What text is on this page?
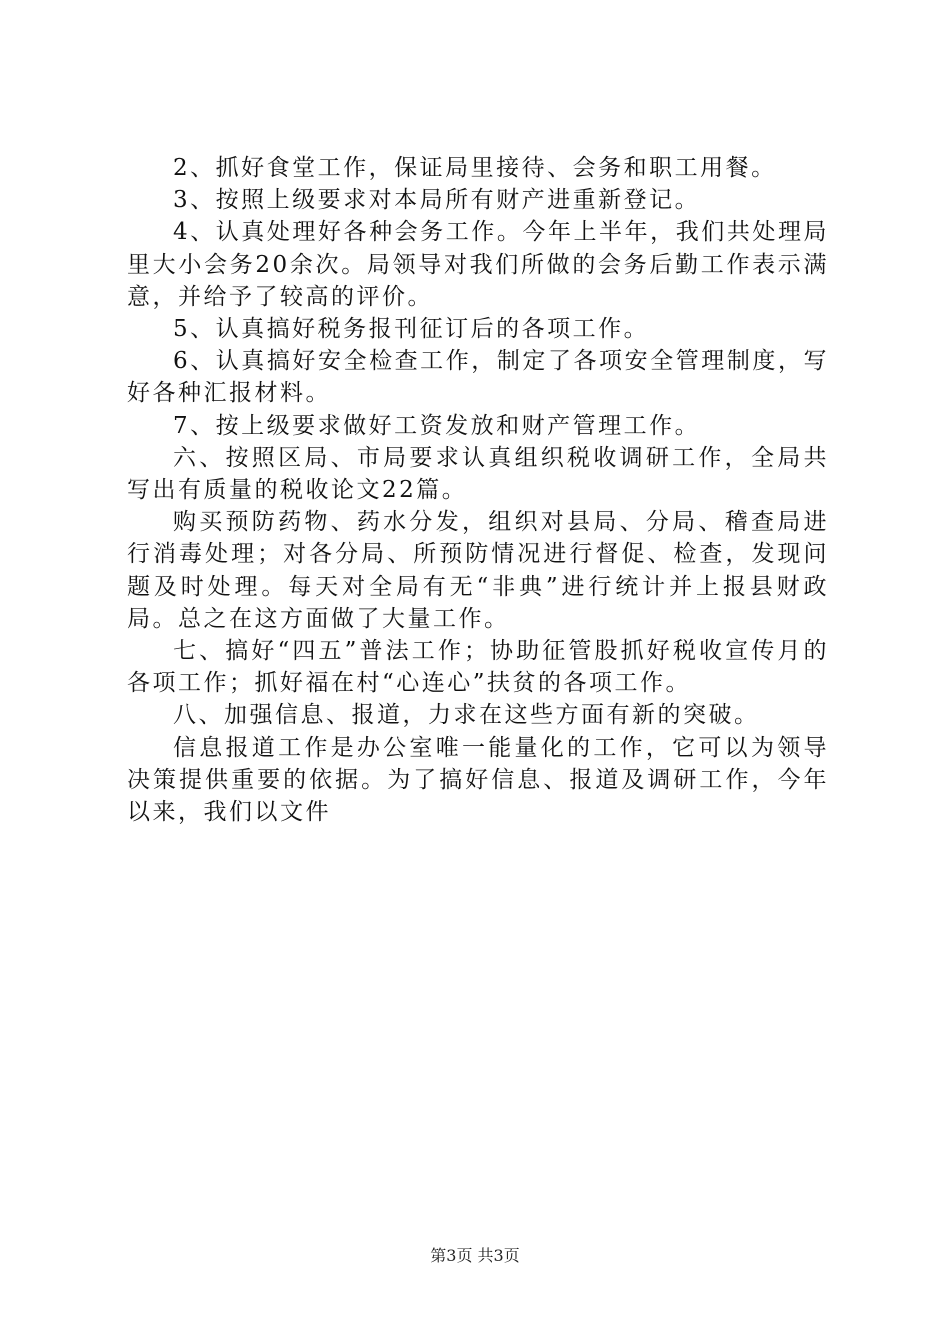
2、抓好食堂工作，保证局里接待、会务和职工用餐。

3、按照上级要求对本局所有财产进重新登记。

4、认真处理好各种会务工作。今年上半年，我们共处理局里大小会务20余次。局领导对我们所做的会务后勤工作表示满意，并给予了较高的评价。

5、认真搞好税务报刊征订后的各项工作。

6、认真搞好安全检查工作，制定了各项安全管理制度，写好各种汇报材料。

7、按上级要求做好工资发放和财产管理工作。

六、按照区局、市局要求认真组织税收调研工作，全局共写出有质量的税收论文22篇。

购买预防药物、药水分发，组织对县局、分局、稽查局进行消毒处理；对各分局、所预防情况进行督促、检查，发现问题及时处理。每天对全局有无“非典”进行统计并上报县财政局。总之在这方面做了大量工作。

七、搞好“四五”普法工作；协助征管股抓好税收宣传月的各项工作；抓好福在村“心连心”扶贫的各项工作。

八、加强信息、报道，力求在这些方面有新的突破。

信息报道工作是办公室唯一能量化的工作，它可以为领导决策提供重要的依据。为了搞好信息、报道及调研工作，今年以来，我们以文件

第3页 共3页
